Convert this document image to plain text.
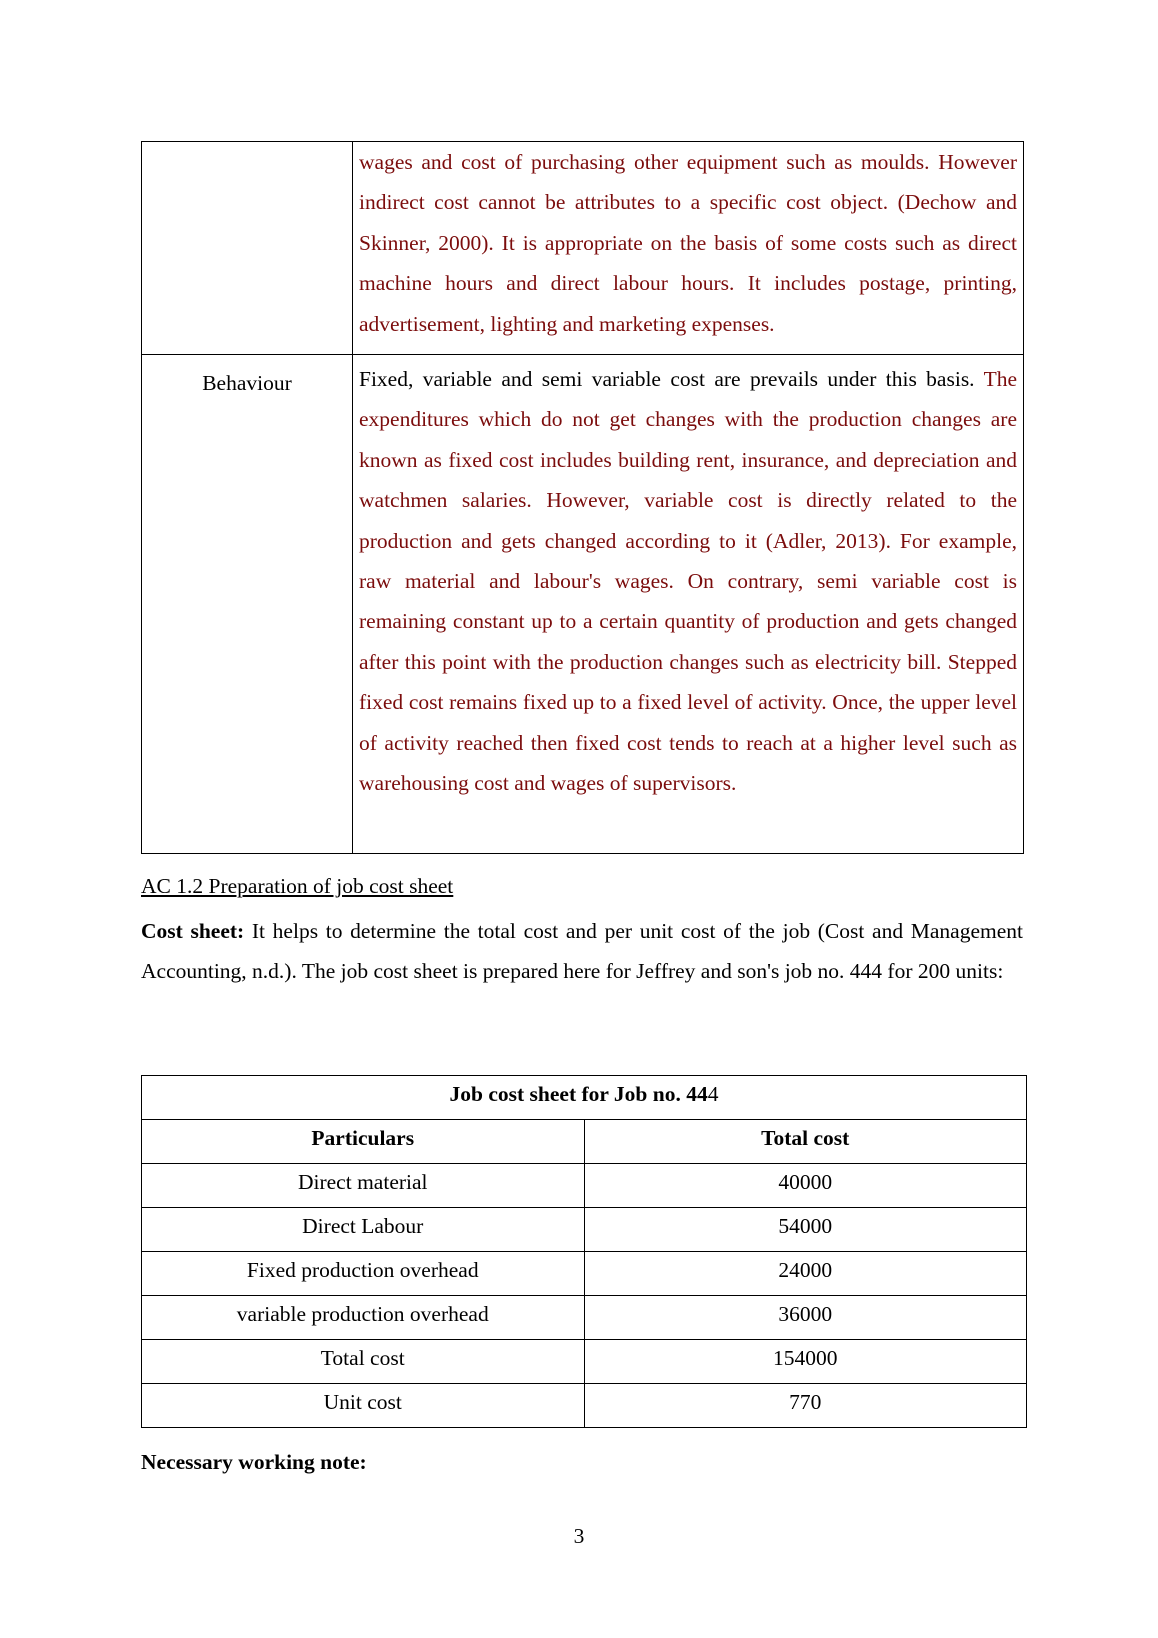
	wages and cost of purchasing other equipment such as moulds. However indirect cost cannot be attributes to a specific cost object. (Dechow and Skinner, 2000). It is appropriate on the basis of some costs such as direct machine hours and direct labour hours. It includes postage, printing, advertisement, lighting and marketing expenses.

Behaviour	Fixed, variable and semi variable cost are prevails under this basis. The expenditures which do not get changes with the production changes are known as fixed cost includes building rent, insurance, and depreciation and watchmen salaries. However, variable cost is directly related to the production and gets changed according to it (Adler, 2013). For example, raw material and labour's wages. On contrary, semi variable cost is remaining constant up to a certain quantity of production and gets changed after this point with the production changes such as electricity bill. Stepped fixed cost remains fixed up to a fixed level of activity. Once, the upper level of activity reached then fixed cost tends to reach at a higher level such as warehousing cost and wages of supervisors.
AC 1.2 Preparation of job cost sheet
Cost sheet: It helps to determine the total cost and per unit cost of the job (Cost and Management Accounting, n.d.). The job cost sheet is prepared here for Jeffrey and son's job no. 444 for 200 units:
Job cost sheet for Job no. 444	
Particulars	Total cost
Direct material	40000
Direct Labour	54000
Fixed production overhead	24000
variable production overhead	36000
Total cost	154000
Unit cost	770
Necessary working note:
3
